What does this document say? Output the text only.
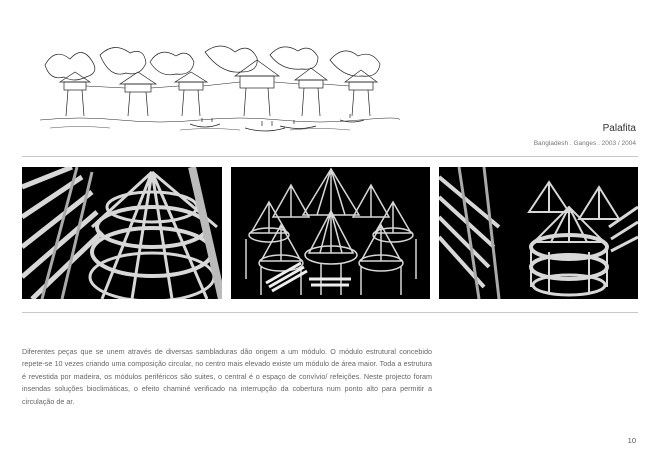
Palafita
Bangladesh . Ganges . 2003 / 2004

Diferentes peças que se unem através de diversas sambladuras dão origem a um módulo. O módulo estrutural concebido repete-se 10 vezes criando uma composição circular, no centro mais elevado existe um módulo de área maior. Toda a estrutura é revestida por madeira, os módulos periféricos são suites, o central é o espaço de convívio/ refeições. Neste projecto foram insendas soluções bioclimáticas, o efeito chaminé verificado na interrupção da cobertura num ponto alto para permitir a circulação de ar.

10
